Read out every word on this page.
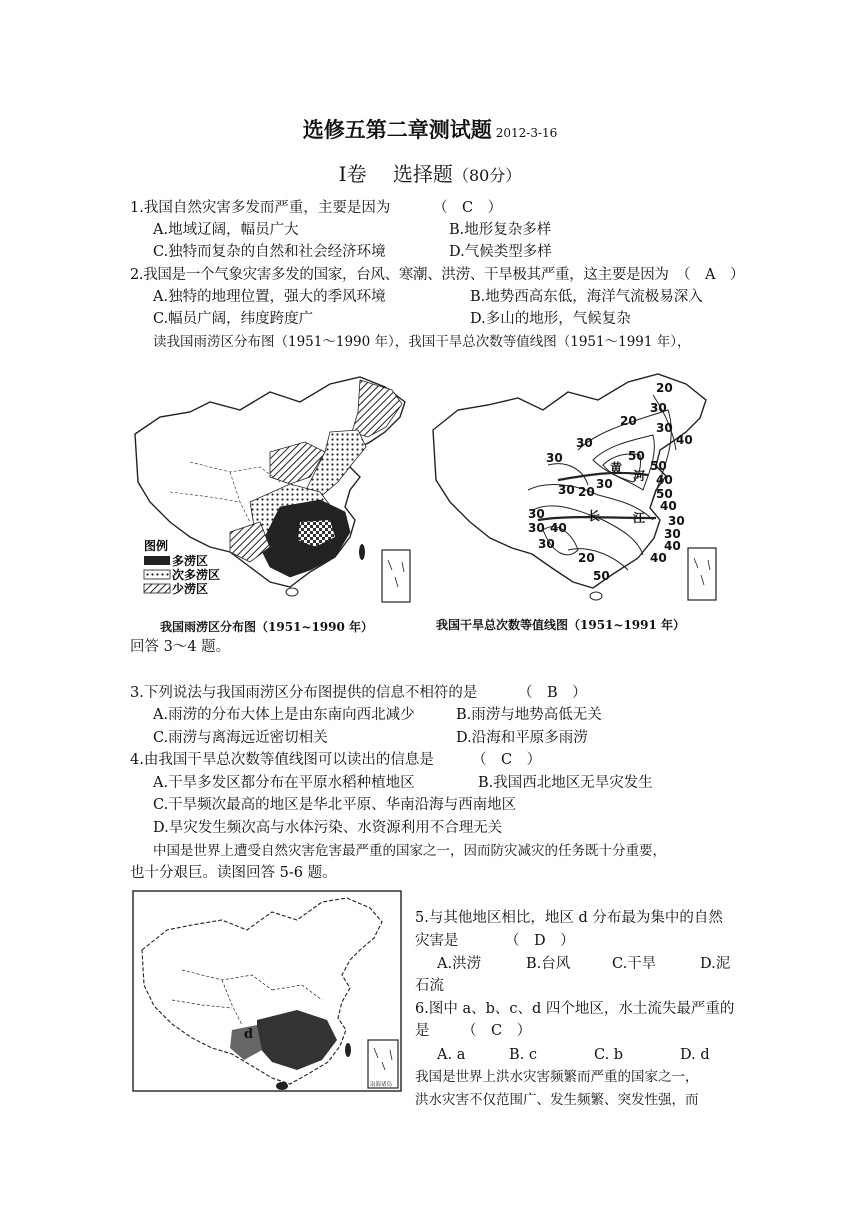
选修五第二章测试题 2012-3-16
Ⅰ卷　 选择题（80分）
1.我国自然灾害多发而严重，主要是因为	（　C　）
A.地域辽阔，幅员广大	B.地形复杂多样
C.独特而复杂的自然和社会经济环境	D.气候类型多样
2.我国是一个气象灾害多发的国家，台风、寒潮、洪涝、干旱极其严重，这主要是因为 （　A　）
A.独特的地理位置，强大的季风环境	B.地势西高东低，海洋气流极易深入
C.幅员广阔，纬度跨度广	D.多山的地形，气候复杂
读我国雨涝区分布图（1951～1990 年），我国干旱总次数等值线图（1951～1991 年），
图例
多涝区
次多涝区
少涝区
我国雨涝区分布图（1951~1990 年）
20
30
20 30
40
30
30	50
50
黄
河 40
30
20	50
30
40
30
30
长	江
40	30
30
40
30
40
20
50
我国干旱总次数等值线图（1951~1991 年）
回答 3～4 题。
3.下列说法与我国雨涝区分布图提供的信息不相符的是	（　B　）
A.雨涝的分布大体上是由东南向西北减少	B.雨涝与地势高低无关
C.雨涝与离海远近密切相关	D.沿海和平原多雨涝
4.由我国干旱总次数等值线图可以读出的信息是	（　C　）
A.干旱多发区都分布在平原水稻种植地区	B.我国西北地区无旱灾发生
C.干旱频次最高的地区是华北平原、华南沿海与西南地区
D.旱灾发生频次高与水体污染、水资源利用不合理无关
中国是世界上遭受自然灾害危害最严重的国家之一，因而防灾减灾的任务既十分重要，
也十分艰巨。读图回答 5-6 题。
d
南海诸岛
5.与其他地区相比，地区 d 分布最为集中的自然
灾害是	（　D　）
A.洪涝	B.台风	C.干旱	D.泥
石流
6.图中 a、b、c、d 四个地区，水土流失最严重的
是 （　C　）
A. a	B. c	C. b	D. d
我国是世界上洪水灾害频繁而严重的国家之一，
洪水灾害不仅范围广、发生频繁、突发性强，而
